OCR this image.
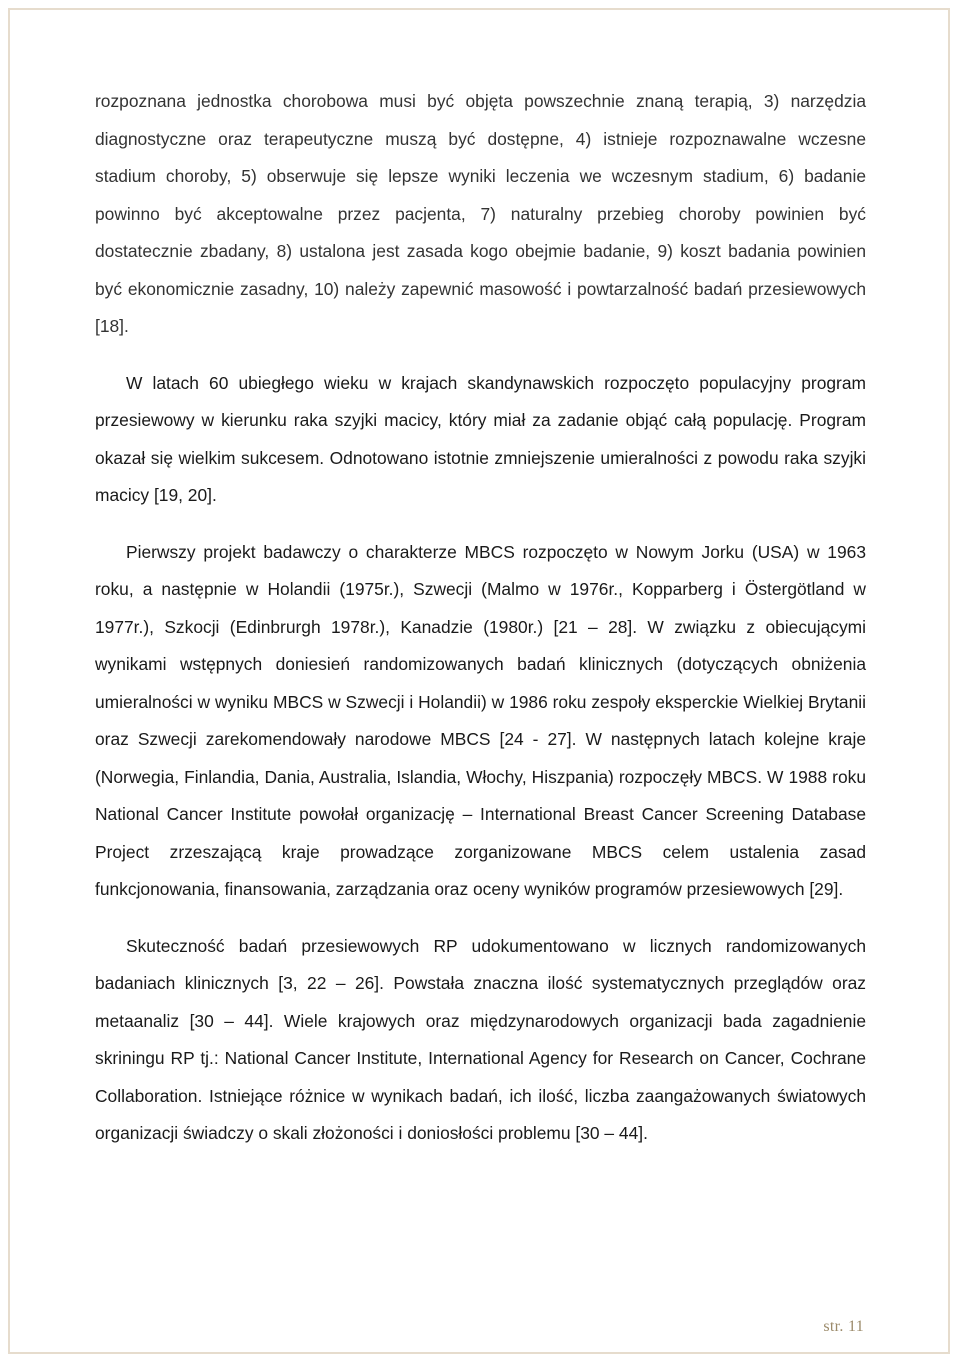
rozpoznana jednostka chorobowa musi być objęta powszechnie znaną terapią, 3) narzędzia diagnostyczne oraz terapeutyczne muszą być dostępne, 4) istnieje rozpoznawalne wczesne stadium choroby, 5) obserwuje się lepsze wyniki leczenia we wczesnym stadium, 6) badanie powinno być akceptowalne przez pacjenta, 7) naturalny przebieg choroby powinien być dostatecznie zbadany, 8) ustalona jest zasada kogo obejmie badanie, 9) koszt badania powinien być ekonomicznie zasadny, 10) należy zapewnić masowość i powtarzalność badań przesiewowych [18].

W latach 60 ubiegłego wieku w krajach skandynawskich rozpoczęto populacyjny program przesiewowy w kierunku raka szyjki macicy, który miał za zadanie objąć całą populację. Program okazał się wielkim sukcesem. Odnotowano istotnie zmniejszenie umieralności z powodu raka szyjki macicy [19, 20].

Pierwszy projekt badawczy o charakterze MBCS rozpoczęto w Nowym Jorku (USA) w 1963 roku, a następnie w Holandii (1975r.), Szwecji (Malmo w 1976r., Kopparberg i Östergötland w 1977r.), Szkocji (Edinbrurgh 1978r.), Kanadzie (1980r.) [21 – 28]. W związku z obiecującymi wynikami wstępnych doniesień randomizowanych badań klinicznych (dotyczących obniżenia umieralności w wyniku MBCS w Szwecji i Holandii) w 1986 roku zespoły eksperckie Wielkiej Brytanii oraz Szwecji zarekomendowały narodowe MBCS [24 - 27]. W następnych latach kolejne kraje (Norwegia, Finlandia, Dania, Australia, Islandia, Włochy, Hiszpania) rozpoczęły MBCS. W 1988 roku National Cancer Institute powołał organizację – International Breast Cancer Screening Database Project zrzeszającą kraje prowadzące zorganizowane MBCS celem ustalenia zasad funkcjonowania, finansowania, zarządzania oraz oceny wyników programów przesiewowych [29].

Skuteczność badań przesiewowych RP udokumentowano w licznych randomizowanych badaniach klinicznych [3, 22 – 26]. Powstała znaczna ilość systematycznych przeglądów oraz metaanaliz [30 – 44]. Wiele krajowych oraz międzynarodowych organizacji bada zagadnienie skriningu RP tj.: National Cancer Institute, International Agency for Research on Cancer, Cochrane Collaboration. Istniejące różnice w wynikach badań, ich ilość, liczba zaangażowanych światowych organizacji świadczy o skali złożoności i doniosłości problemu [30 – 44].

str. 11
